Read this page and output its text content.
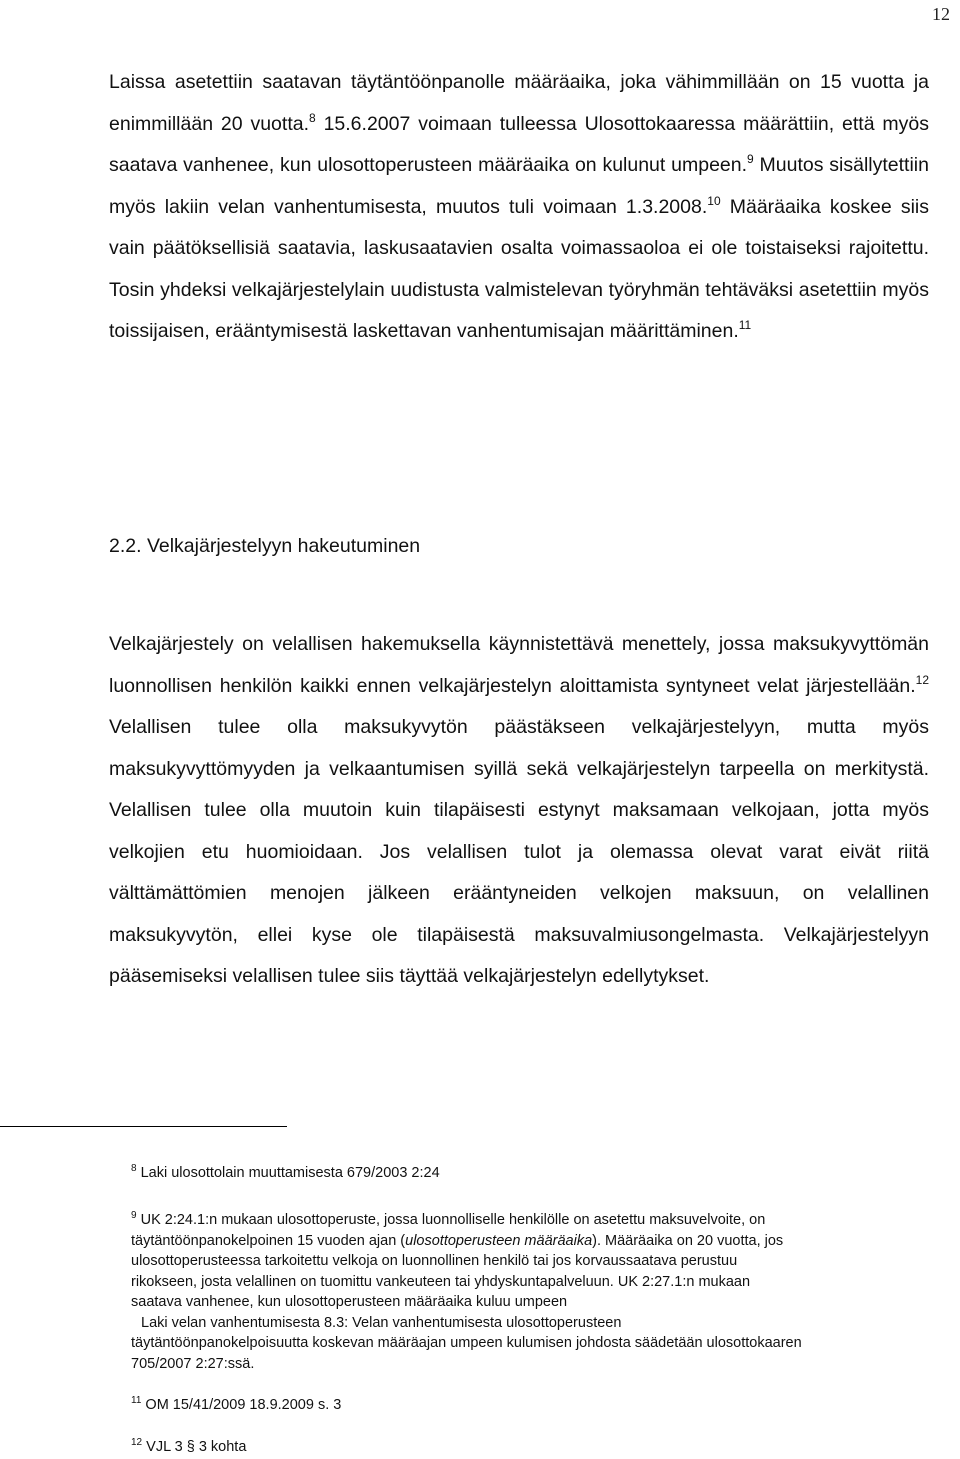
12

Laissa asetettiin saatavan täytäntöönpanolle määräaika, joka vähimmillään on 15 vuotta ja enimmillään 20 vuotta.$^8$ 15.6.2007 voimaan tulleessa Ulosottokaaressa määrättiin, että myös saatava vanhenee, kun ulosottoperusteen määräaika on kulunut umpeen.$^9$ Muutos sisällytettiin myös lakiin velan vanhentumisesta, muutos tuli voimaan 1.3.2008.10 Määräaika koskee siis vain päätöksellisiä saatavia, laskusaatavien osalta voimassaoloa ei ole toistaiseksi rajoitettu. Tosin yhdeksi velkajärjestelylain uudistusta valmistelevan työryhmän tehtäväksi asetettiin myös toissijaisen, erääntymisestä laskettavan vanhentumisajan määrittäminen.$^{11}$

2.2. Velkajärjestelyyn hakeutuminen

Velkajärjestely on velallisen hakemuksella käynnistettävä menettely, jossa maksukyvyttömän luonnollisen henkilön kaikki ennen velkajärjestelyn aloittamista syntyneet velat järjestellään.$^{12}$ Velallisen tulee olla maksukyvytön päästäkseen velkajärjestelyyn, mutta myös maksukyvyttömyyden ja velkaantumisen syillä sekä velkajärjestelyn tarpeella on merkitystä. Velallisen tulee olla muutoin kuin tilapäisesti estynyt maksamaan velkojaan, jotta myös velkojien etu huomioidaan. Jos velallisen tulot ja olemassa olevat varat eivät riitä välttämättömien menojen jälkeen erääntyneiden velkojen maksuun, on velallinen maksukyvytön, ellei kyse ole tilapäisestä maksuvalmiusongelmasta. Velkajärjestelyyn pääsemiseksi velallisen tulee siis täyttää velkajärjestelyn edellytykset.

$^8$ Laki ulosottolain muuttamisesta 679/2003 2:24

$^9$ UK 2:24.1:n mukaan ulosottoperuste, jossa luonnolliselle henkilölle on asetettu maksuvelvoite, on
täytäntöönpanokelpoinen 15 vuoden ajan (ulosottoperusteen määräaika). Määräaika on 20 vuotta, jos
ulosottoperusteessa tarkoitettu velkoja on luonnollinen henkilö tai jos korvaussaatava perustuu
rikokseen, josta velallinen on tuomittu vankeuteen tai yhdyskuntapalveluun. UK 2:27.1:n mukaan
saatava vanhenee, kun ulosottoperusteen määräaika kuluu umpeen
Laki velan vanhentumisesta 8.3: Velan vanhentumisesta ulosottoperusteen
täytäntöönpanokelpoisuutta koskevan määräajan umpeen kulumisen johdosta säädetään ulosottokaaren
705/2007 2:27:ssä.

$^{11}$ OM 15/41/2009 18.9.2009 s. 3

$^{12}$ VJL 3 § 3 kohta
